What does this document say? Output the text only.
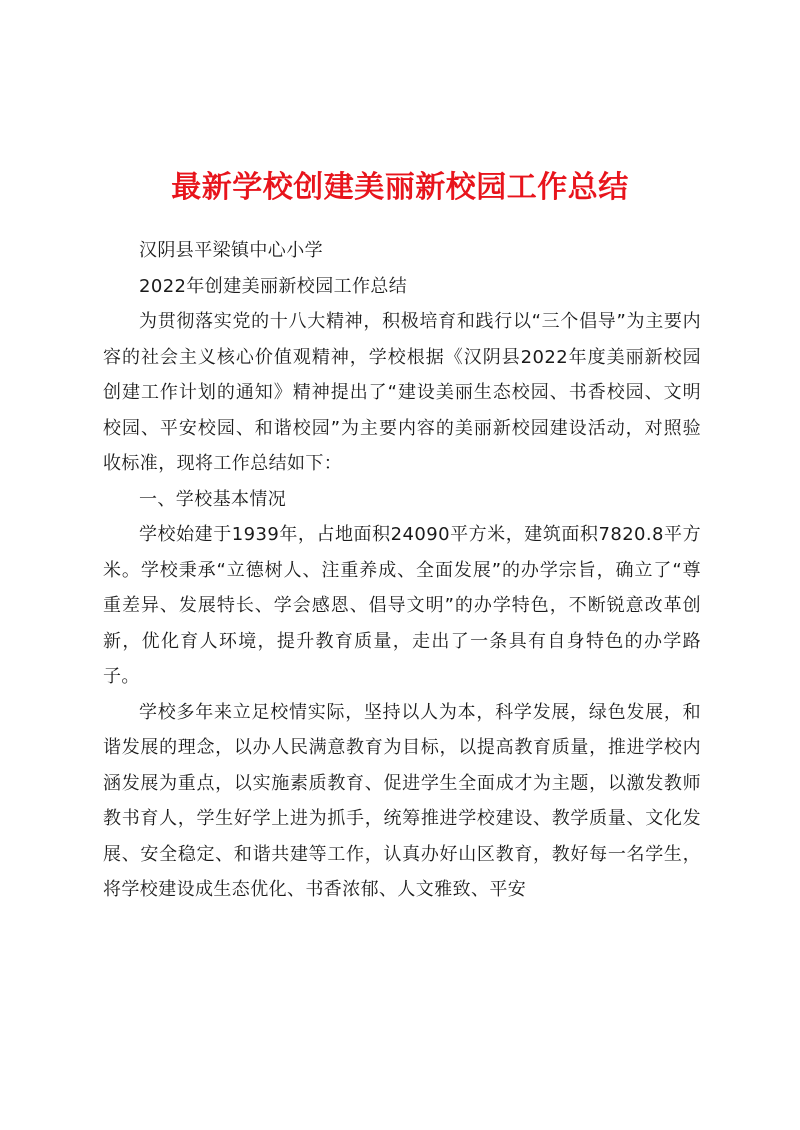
最新学校创建美丽新校园工作总结

汉阴县平梁镇中心小学

2022年创建美丽新校园工作总结

为贯彻落实党的十八大精神，积极培育和践行以“三个倡导”为主要内容的社会主义核心价值观精神，学校根据《汉阴县2022年度美丽新校园创建工作计划的通知》精神提出了“建设美丽生态校园、书香校园、文明校园、平安校园、和谐校园”为主要内容的美丽新校园建设活动，对照验收标准，现将工作总结如下：

一、学校基本情况

学校始建于1939年，占地面积24090平方米，建筑面积7820.8平方米。学校秉承“立德树人、注重养成、全面发展”的办学宗旨，确立了“尊重差异、发展特长、学会感恩、倡导文明”的办学特色，不断锐意改革创新，优化育人环境，提升教育质量，走出了一条具有自身特色的办学路子。

学校多年来立足校情实际，坚持以人为本，科学发展，绿色发展，和谐发展的理念，以办人民满意教育为目标，以提高教育质量，推进学校内涵发展为重点，以实施素质教育、促进学生全面成才为主题，以激发教师教书育人，学生好学上进为抓手，统筹推进学校建设、教学质量、文化发展、安全稳定、和谐共建等工作，认真办好山区教育，教好每一名学生，将学校建设成生态优化、书香浓郁、人文雅致、平安
